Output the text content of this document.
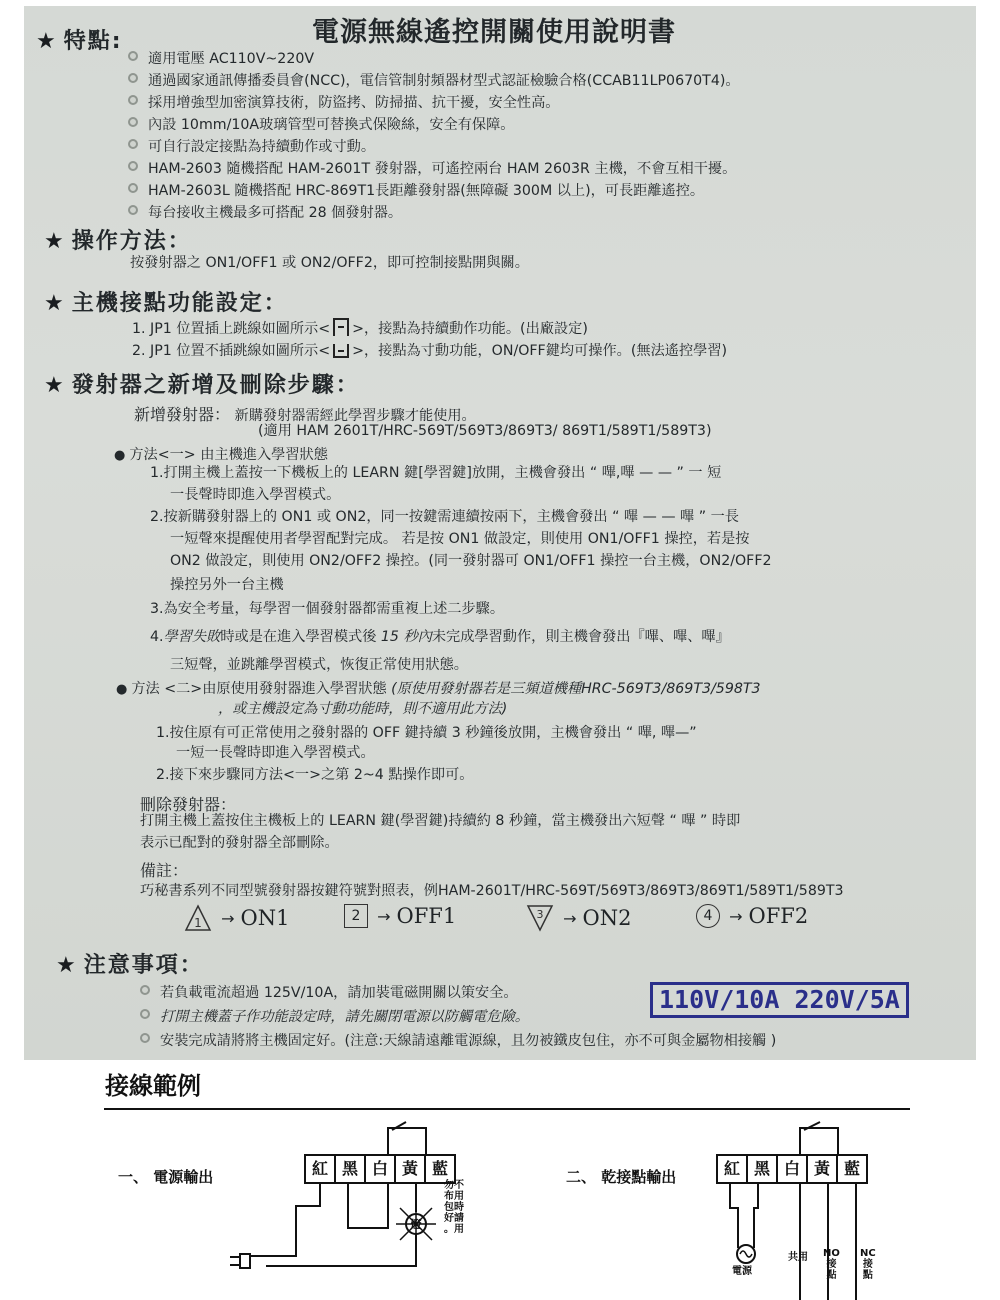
電源無線遙控開關使用說明書
★ 特點:
適用電壓 AC110V~220V
通過國家通訊傳播委員會(NCC)，電信管制射頻器材型式認証檢驗合格(CCAB11LP0670T4)。
採用增強型加密演算技術，防盜拷、防掃描、抗干擾，安全性高。
內設 10mm/10A玻璃管型可替換式保險絲，安全有保障。
可自行設定接點為持續動作或寸動。
HAM-2603 隨機搭配 HAM-2601T 發射器，可遙控兩台 HAM 2603R 主機，不會互相干擾。
HAM-2603L 隨機搭配 HRC-869T1長距離發射器(無障礙 300M 以上)，可長距離遙控。
每台接收主機最多可搭配 28 個發射器。
★ 操作方法：
按發射器之 ON1/OFF1 或 ON2/OFF2，即可控制接點開與關。
★ 主機接點功能設定：
1. JP1 位置插上跳線如圖所示< >，接點為持續動作功能。(出廠設定)
2. JP1 位置不插跳線如圖所示< >，接點為寸動功能，ON/OFF鍵均可操作。(無法遙控學習)
★ 發射器之新增及刪除步驟：
新增發射器： 新購發射器需經此學習步驟才能使用。
(適用 HAM 2601T/HRC-569T/569T3/869T3/ 869T1/589T1/589T3)
● 方法<一> 由主機進入學習狀態
1.打開主機上蓋按一下機板上的 LEARN 鍵[學習鍵]放開，主機會發出 “ 嗶,嗶 — — ” 一 短
一長聲時即進入學習模式。
2.按新購發射器上的 ON1 或 ON2，同一按鍵需連續按兩下，主機會發出 “ 嗶 — — 嗶 ” 一長
一短聲來提醒使用者學習配對完成。 若是按 ON1 做設定，則使用 ON1/OFF1 操控，若是按
ON2 做設定，則使用 ON2/OFF2 操控。(同一發射器可 ON1/OFF1 操控一台主機，ON2/OFF2
操控另外一台主機
3.為安全考量，每學習一個發射器都需重複上述二步驟。
4.學習失敗時或是在進入學習模式後 15 秒內未完成學習動作，則主機會發出『嗶、嗶、嗶』
三短聲，並跳離學習模式，恢復正常使用狀態。
● 方法 <二>由原使用發射器進入學習狀態 (原使用發射器若是三頻道機種HRC-569T3/869T3/598T3
，或主機設定為寸動功能時，則不適用此方法)
1.按住原有可正常使用之發射器的 OFF 鍵持續 3 秒鐘後放開，主機會發出 “ 嗶, 嗶—”
一短一長聲時即進入學習模式。
2.接下來步驟同方法<一>之第 2~4 點操作即可。
刪除發射器：
打開主機上蓋按住主機板上的 LEARN 鍵(學習鍵)持續約 8 秒鐘，當主機發出六短聲 “ 嗶 ” 時即
表示已配對的發射器全部刪除。
備註：
巧秘書系列不同型號發射器按鍵符號對照表，例HAM-2601T/HRC-569T/569T3/869T3/869T1/589T1/589T3
1 → ON1	2 → OFF1	3 → ON2	4 → OFF2
★ 注意事項：
若負載電流超過 125V/10A，請加裝電磁開關以策安全。
打開主機蓋子作功能設定時，請先關閉電源以防觸電危險。
安裝完成請將將主機固定好。(注意:天線請遠離電源線，且勿被鐵皮包住，亦不可與金屬物相接觸 )
110V/10A 220V/5A
接線範例
一、 電源輸出
燈
紅 黑 白 黃 藍
勿不
布用
包時
好請
。用
二、 乾接點輸出	紅 黑 白 黃 藍
電源
共用 NO
接
點
NC
接
點
